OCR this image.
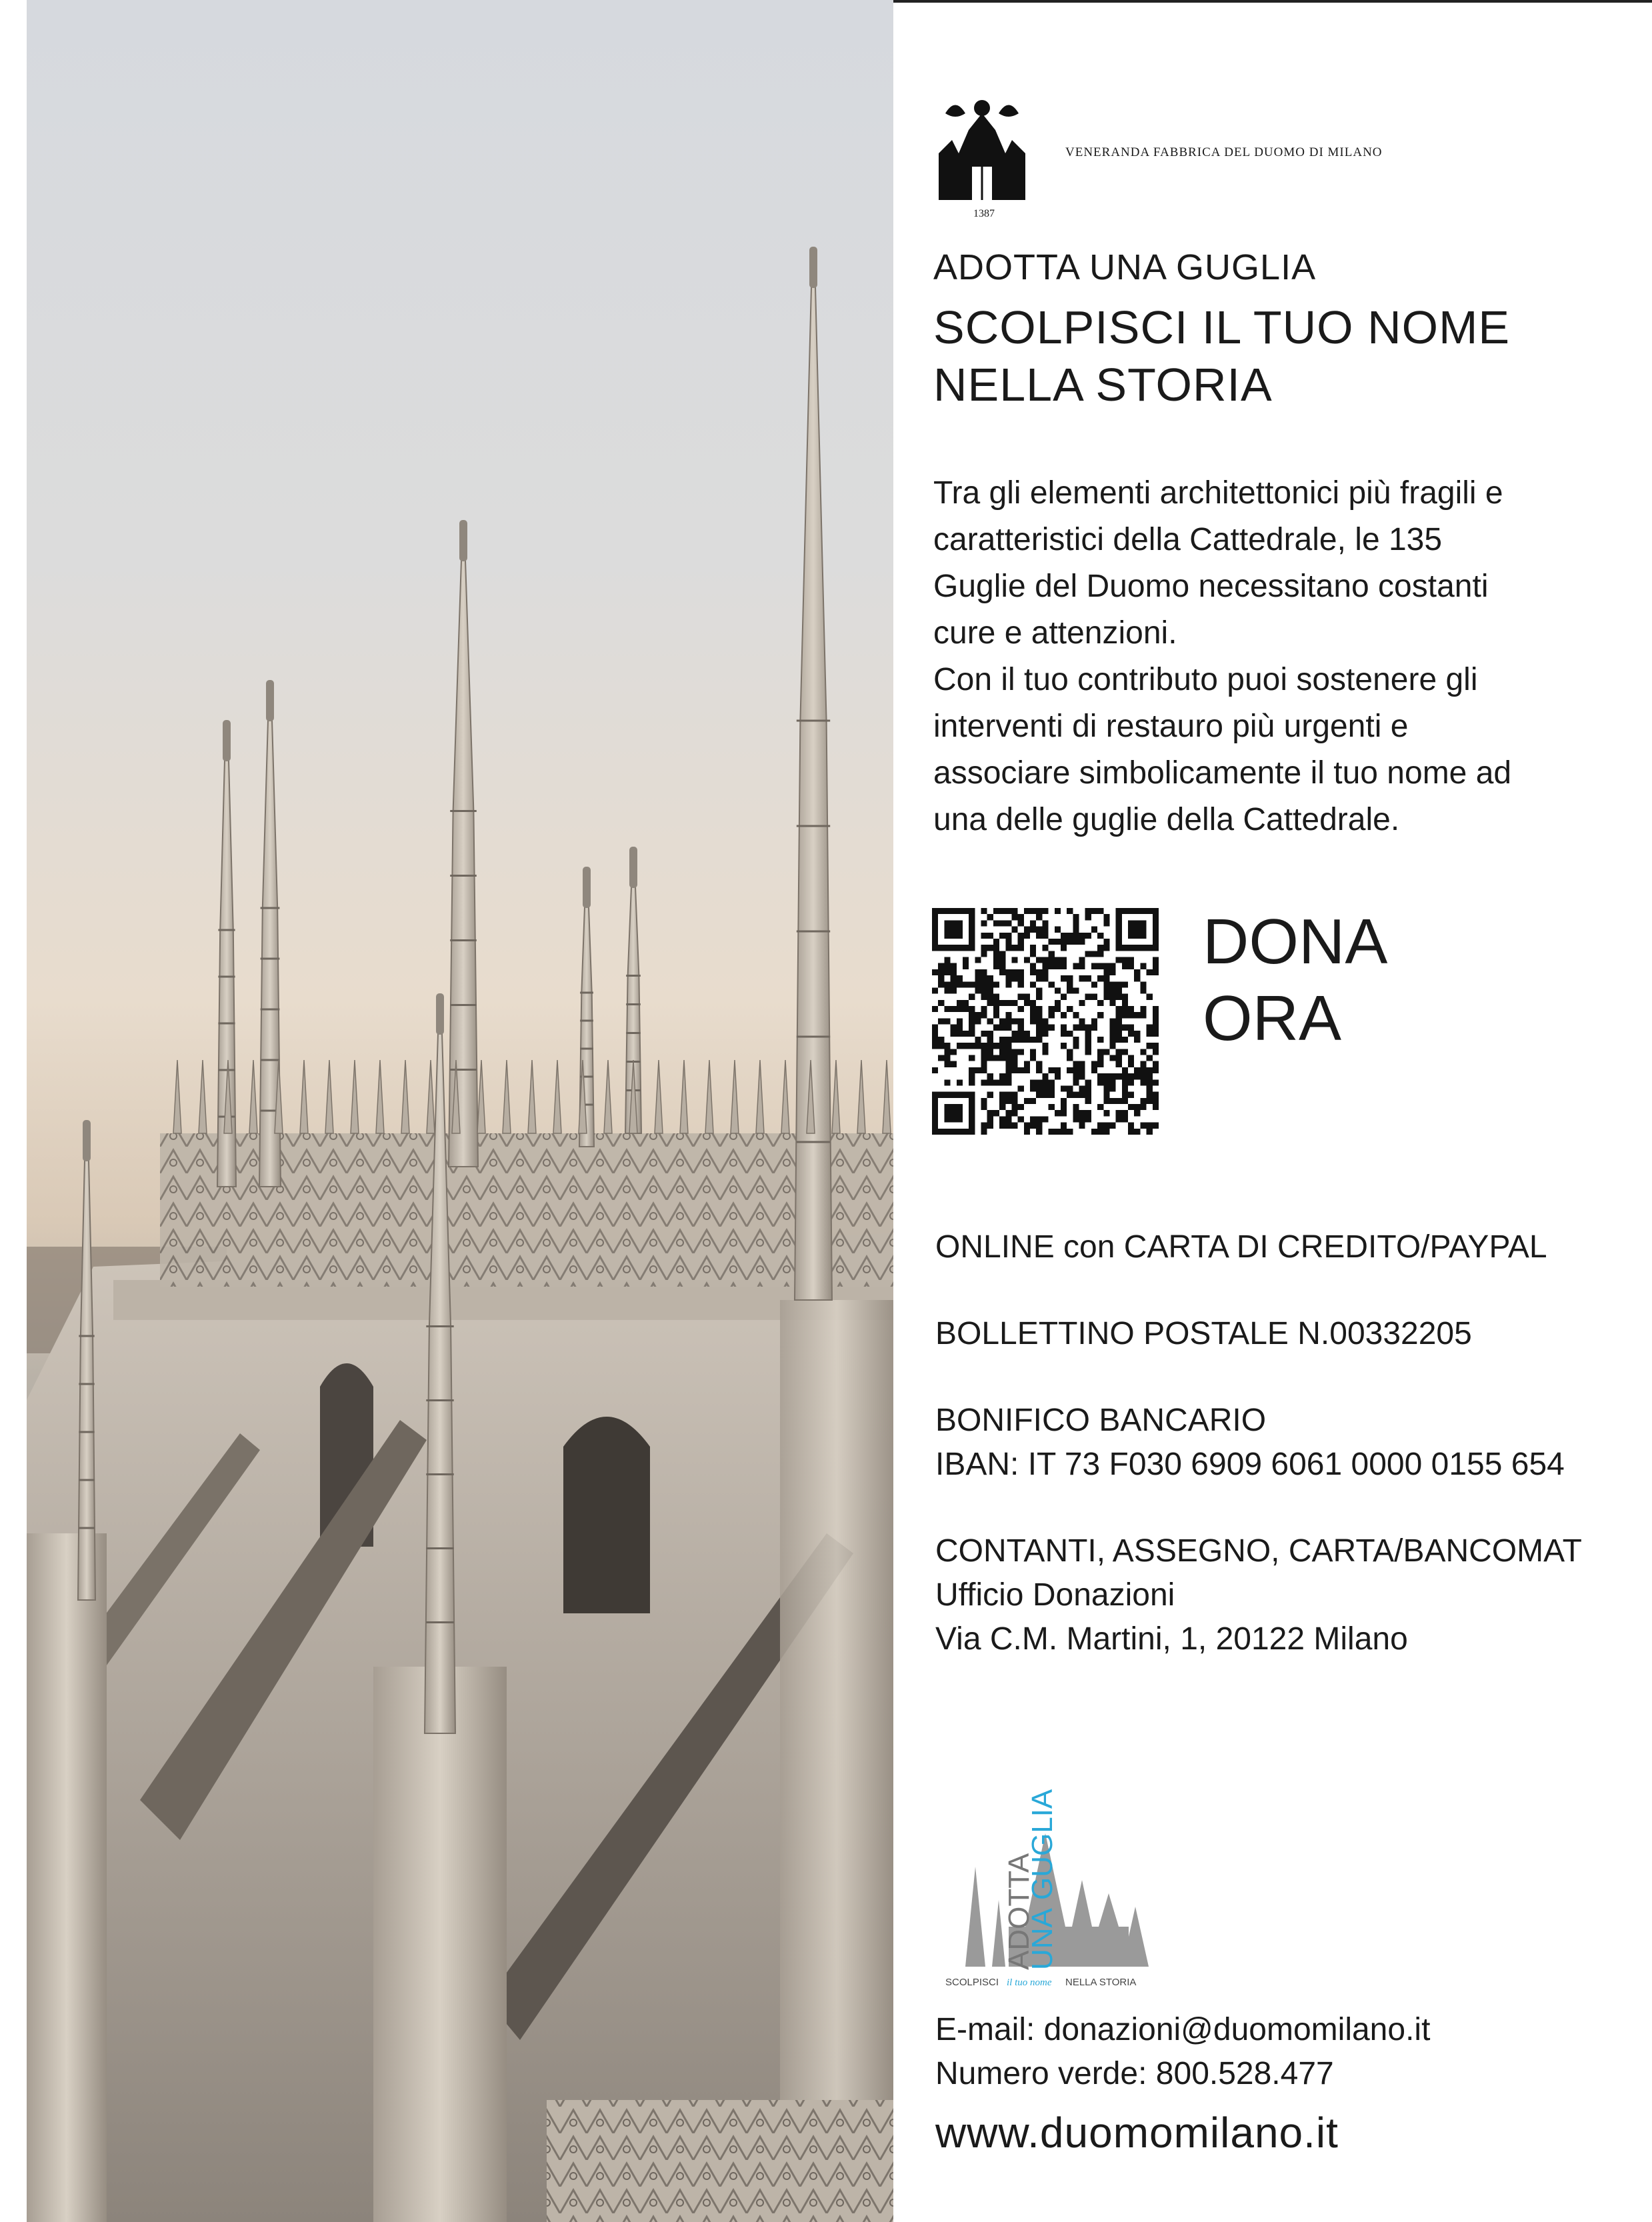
1387
VENERANDA FABBRICA DEL DUOMO DI MILANO
ADOTTA UNA GUGLIA
SCOLPISCI IL TUO NOME
NELLA STORIA
Tra gli elementi architettonici più fragili e
caratteristici della Cattedrale, le 135
Guglie del Duomo necessitano costanti
cure e attenzioni.
Con il tuo contributo puoi sostenere gli
interventi di restauro più urgenti e
associare simbolicamente il tuo nome ad
una delle guglie della Cattedrale.
DONA
ORA
ONLINE con CARTA DI CREDITO/PAYPAL
BOLLETTINO POSTALE N.00332205
BONIFICO BANCARIO
IBAN: IT 73 F030 6909 6061 0000 0155 654
CONTANTI, ASSEGNO, CARTA/BANCOMAT
Ufficio Donazioni
Via C.M. Martini, 1, 20122 Milano
ADOTTA
UNA
GUGLIA
SCOLPISCI il tuo nome NELLA STORIA
E-mail: donazioni@duomomilano.it
Numero verde: 800.528.477
www.duomomilano.it
